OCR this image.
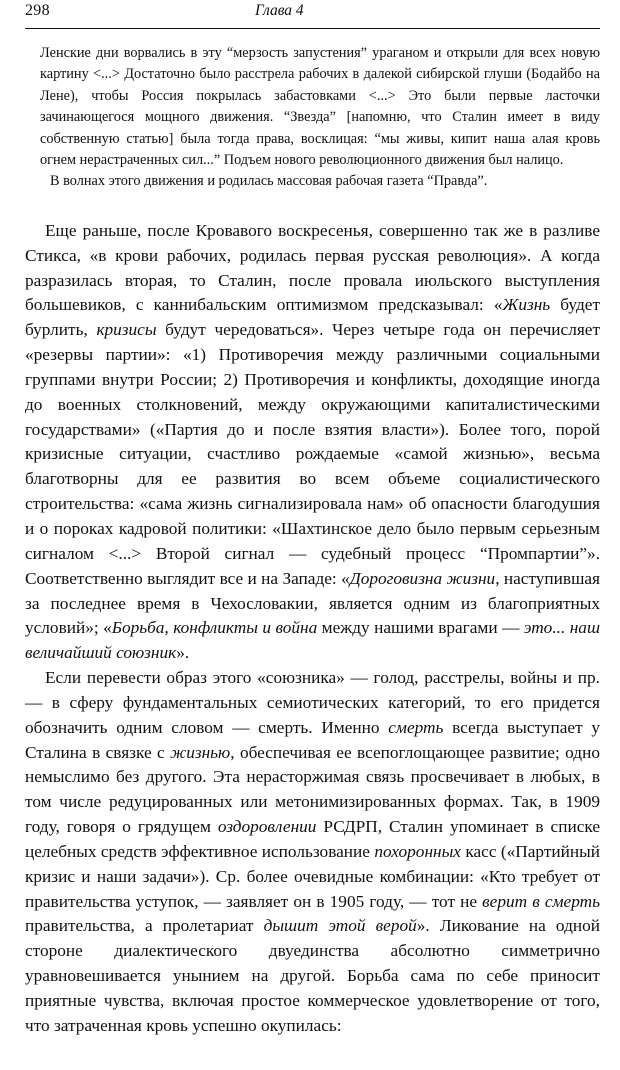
298	Глава 4

Ленские дни ворвались в эту “мерзость запустения” ураганом и открыли для всех новую картину <...> Достаточно было расстрела рабочих в далекой сибирской глуши (Бодайбо на Лене), чтобы Россия покрылась забастовками <...> Это были первые ласточки зачинающегося мощного движения. “Звезда” [напомню, что Сталин имеет в виду собственную статью] была тогда права, восклицая: “мы живы, кипит наша алая кровь огнем нерастраченных сил...” Подъем нового революционного движения был налицо.

В волнах этого движения и родилась массовая рабочая газета “Правда”.

Еще раньше, после Кровавого воскресенья, совершенно так же в разливе Стикса, «в крови рабочих, родилась первая русская революция». А когда разразилась вторая, то Сталин, после провала июльского выступления большевиков, с каннибальским оптимизмом предсказывал: «Жизнь будет бурлить, кризисы будут чередоваться». Через четыре года он перечисляет «резервы партии»: «1) Противоречия между различными социальными группами внутри России; 2) Противоречия и конфликты, доходящие иногда до военных столкновений, между окружающими капиталистическими государствами» («Партия до и после взятия власти»). Более того, порой кризисные ситуации, счастливо рождаемые «самой жизнью», весьма благотворны для ее развития во всем объеме социалистического строительства: «сама жизнь сигнализировала нам» об опасности благодушия и о пороках кадровой политики: «Шахтинское дело было первым серьезным сигналом <...> Второй сигнал — судебный процесс “Промпартии”». Соответственно выглядит все и на Западе: «Дороговизна жизни, наступившая за последнее время в Чехословакии, является одним из благоприятных условий»; «Борьба, конфликты и война между нашими врагами — это... наш величайший союзник».

Если перевести образ этого «союзника» — голод, расстрелы, войны и пр. — в сферу фундаментальных семиотических категорий, то его придется обозначить одним словом — смерть. Именно смерть всегда выступает у Сталина в связке с жизнью, обеспечивая ее всепоглощающее развитие; одно немыслимо без другого. Эта нерасторжимая связь просвечивает в любых, в том числе редуцированных или метонимизированных формах. Так, в 1909 году, говоря о грядущем оздоровлении РСДРП, Сталин упоминает в списке целебных средств эффективное использование похоронных касс («Партийный кризис и наши задачи»). Ср. более очевидные комбинации: «Кто требует от правительства уступок, — заявляет он в 1905 году, — тот не верит в смерть правительства, а пролетариат дышит этой верой». Ликование на одной стороне диалектического двуединства абсолютно симметрично уравновешивается унынием на другой. Борьба сама по себе приносит приятные чувства, включая простое коммерческое удовлетворение от того, что затраченная кровь успешно окупилась:
